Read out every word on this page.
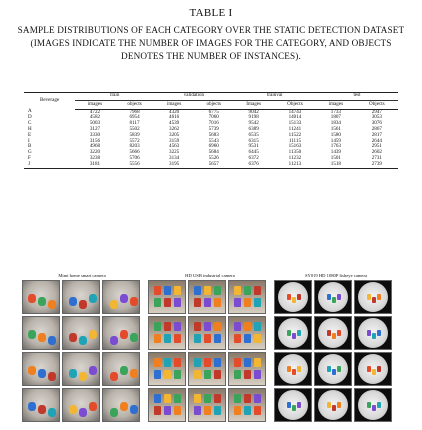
TABLE I
SAMPLE DISTRIBUTIONS OF EACH CATEGORY OVER THE STATIC DETECTION DATASET (IMAGES INDICATE THE NUMBER OF IMAGES FOR THE CATEGORY, AND OBJECTS DENOTES THE NUMBER OF INSTANCES).
Beverage	train		validation		trainval		test	
	images	objects	images	objects	Images	Objects	images	Objects
A	4722	7968	4320	6775	9042	14743	1733	2947
D	4582	6954	4616	7060	9198	14014	1807	3053
C	5003	8117	4539	7016	9542	15133	1834	3076
H	3127	5502	3262	5739	6389	11241	1561	2867
E	3330	5839	3205	5683	6535	11522	1580	2817
I	3156	5572	3159	5543	6315	11115	1459	2644
B	4968	8203	4563	6960	9531	15163	1763	2951
G	3220	5666	3225	5684	6445	11350	1439	2602
F	3238	5706	3134	5526	6372	11232	1501	2731
J	3181	5556	3195	5657	6376	11213	1518	2739
Mimi home smart camera	HD USB industrial camera	SY019 HD 1080P fisheye camera
